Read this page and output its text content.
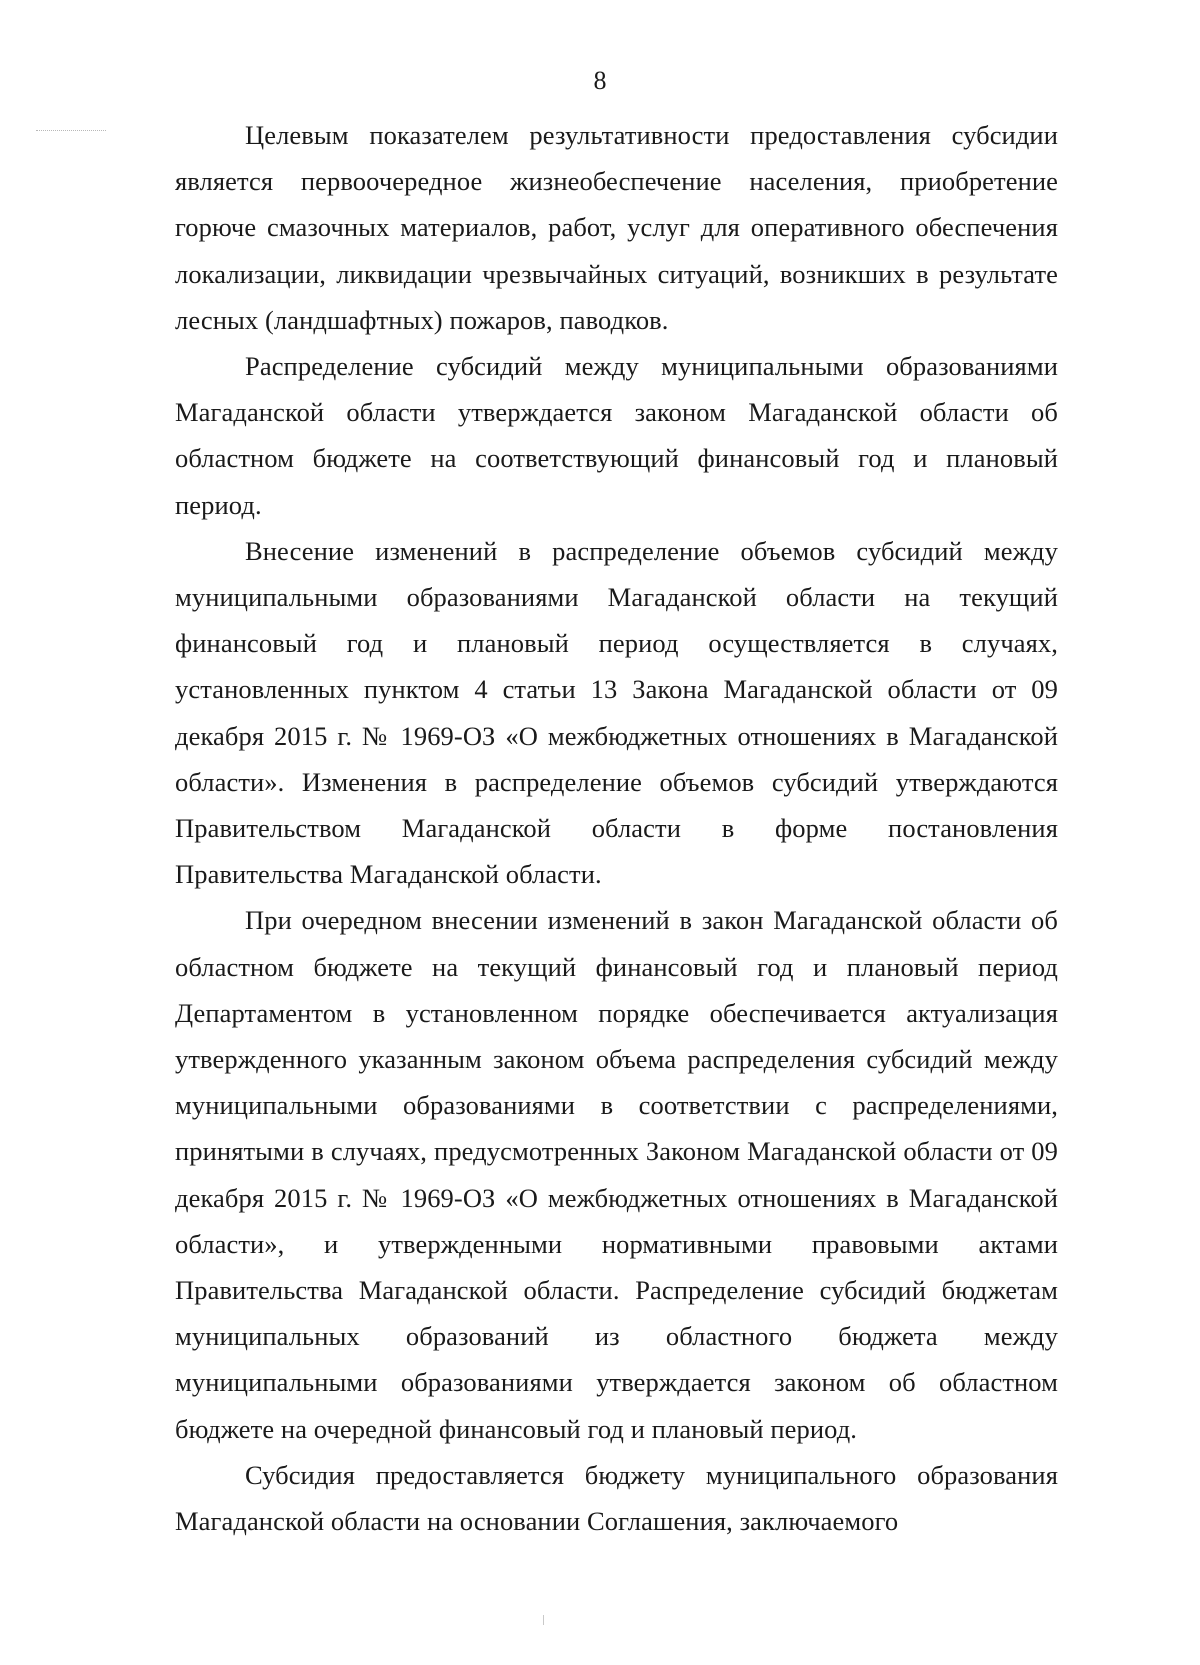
8

Целевым показателем результативности предоставления субсидии является первоочередное жизнеобеспечение населения, приобретение горюче смазочных материалов, работ, услуг для оперативного обеспечения локализации, ликвидации чрезвычайных ситуаций, возникших в результате лесных (ландшафтных) пожаров, паводков.

Распределение субсидий между муниципальными образованиями Магаданской области утверждается законом Магаданской области об областном бюджете на соответствующий финансовый год и плановый период.

Внесение изменений в распределение объемов субсидий между муниципальными образованиями Магаданской области на текущий финансовый год и плановый период осуществляется в случаях, установленных пунктом 4 статьи 13 Закона Магаданской области от 09 декабря 2015 г. № 1969-ОЗ «О межбюджетных отношениях в Магаданской области». Изменения в распределение объемов субсидий утверждаются Правительством Магаданской области в форме постановления Правительства Магаданской области.

При очередном внесении изменений в закон Магаданской области об областном бюджете на текущий финансовый год и плановый период Департаментом в установленном порядке обеспечивается актуализация утвержденного указанным законом объема распределения субсидий между муниципальными образованиями в соответствии с распределениями, принятыми в случаях, предусмотренных Законом Магаданской области от 09 декабря 2015 г. № 1969-ОЗ «О межбюджетных отношениях в Магаданской области», и утвержденными нормативными правовыми актами Правительства Магаданской области. Распределение субсидий бюджетам муниципальных образований из областного бюджета между муниципальными образованиями утверждается законом об областном бюджете на очередной финансовый год и плановый период.

Субсидия предоставляется бюджету муниципального образования Магаданской области на основании Соглашения, заключаемого
